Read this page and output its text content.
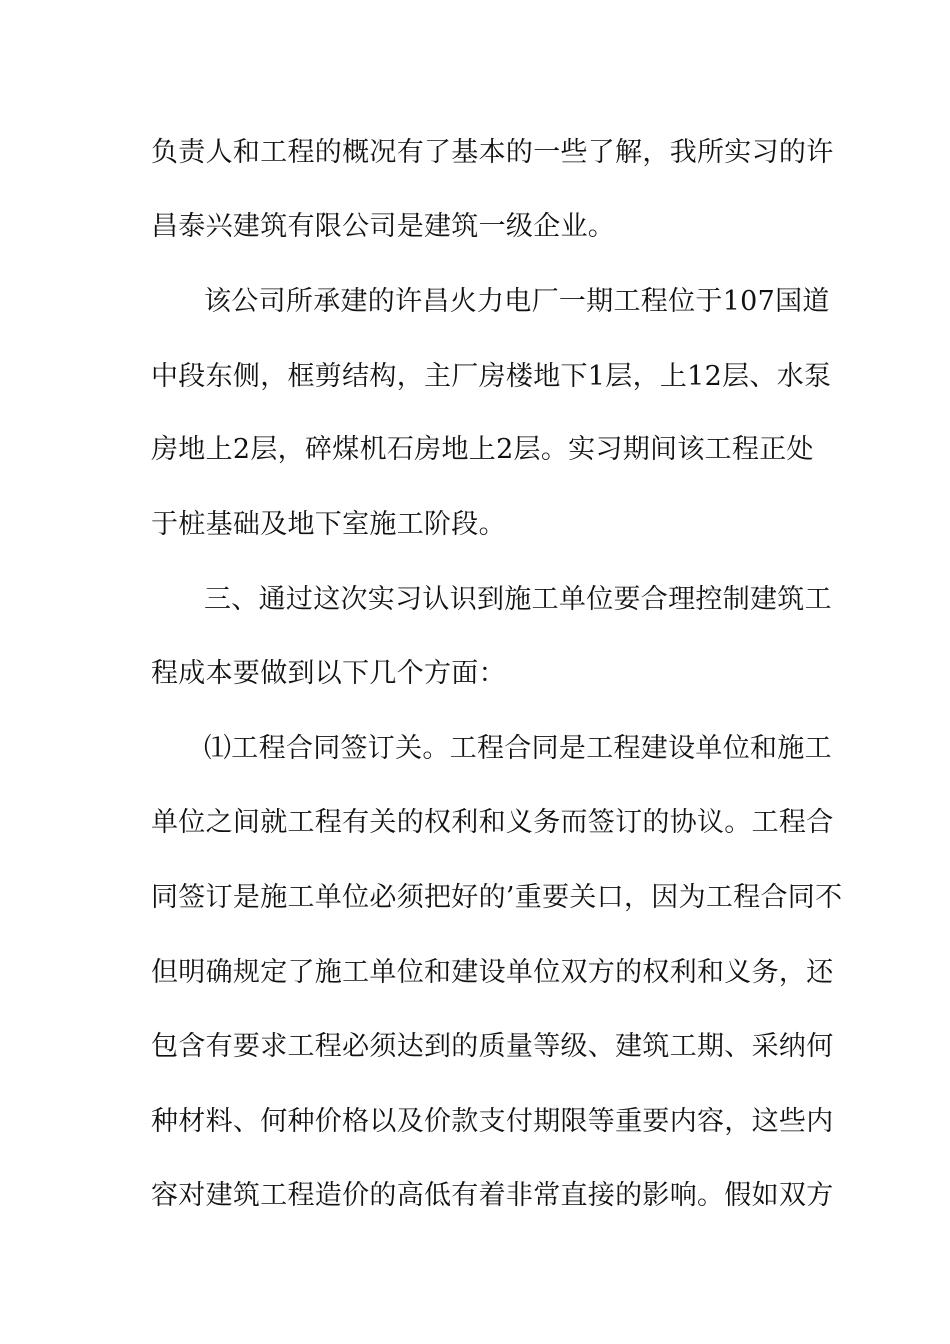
负责人和工程的概况有了基本的一些了解，我所实习的许
昌泰兴建筑有限公司是建筑一级企业。
该公司所承建的许昌火力电厂一期工程位于107国道
中段东侧，框剪结构，主厂房楼地下1层，上12层、水泵
房地上2层，碎煤机石房地上2层。实习期间该工程正处
于桩基础及地下室施工阶段。
三、通过这次实习认识到施工单位要合理控制建筑工
程成本要做到以下几个方面：
⑴工程合同签订关。工程合同是工程建设单位和施工
单位之间就工程有关的权利和义务而签订的协议。工程合
同签订是施工单位必须把好的’重要关口，因为工程合同不
但明确规定了施工单位和建设单位双方的权利和义务，还
包含有要求工程必须达到的质量等级、建筑工期、采纳何
种材料、何种价格以及价款支付期限等重要内容，这些内
容对建筑工程造价的高低有着非常直接的影响。假如双方
